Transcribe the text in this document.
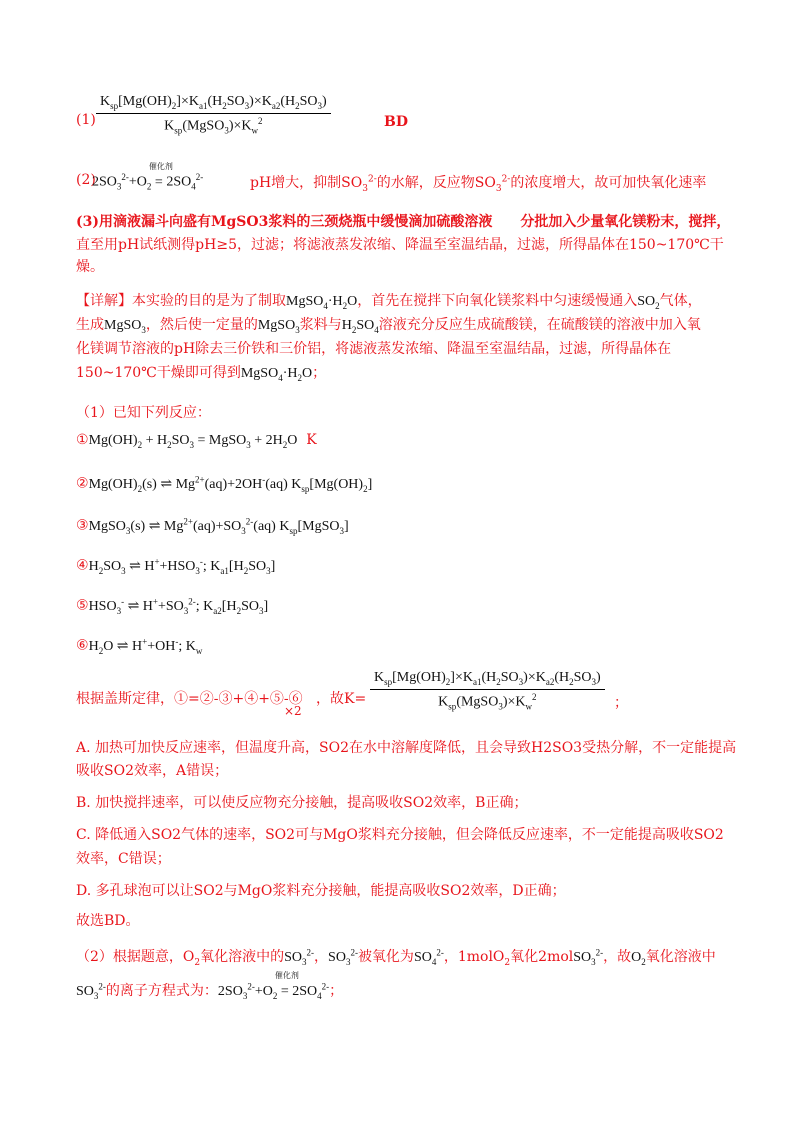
$(1) \frac{K_{sp}[Mg(OH)_2]\times K_{a1}(H_2SO_3)\times K_{a2}(H_2SO_3)}{K_{sp}(MgSO_3)\times K_w^2}$	BD
(2)
$2SO_3^{2-}+O_2$ =
催化剂
$2SO_4^{2-}$	pH增大，抑制$SO_3^{2-}$的水解，反应物$SO_3^{2-}$的浓度增大，故可加快氧化速率
(3)用滴液漏斗向盛有MgSO3浆料的三颈烧瓶中缓慢滴加硫酸溶液　　分批加入少量氧化镁粉末，搅拌，
直至用pH试纸测得pH≥5，过滤；将滤液蒸发浓缩、降温至室温结晶，过滤，所得晶体在150~170℃干
燥。
【详解】本实验的目的是为了制取$MgSO_4\cdot H_2O$，首先在搅拌下向氧化镁浆料中匀速缓慢通入$SO_2$气体，
生成MgSO$_3$，然后使一定量的MgSO$_3$浆料与$H_2SO_4$溶液充分反应生成硫酸镁，在硫酸镁的溶液中加入氧
化镁调节溶液的pH除去三价铁和三价铝，将滤液蒸发浓缩、降温至室温结晶，过滤，所得晶体在
150~170℃干燥即可得到$MgSO_4\cdot H_2O$；
（1）已知下列反应：
$①Mg(OH)_2 + H_2SO_3$ = MgSO$_3$ + $2H_2O$ K
$②Mg(OH)_2(s)$ ⇌ $Mg^{2+}(aq)+2OH^-(aq)$ $K_{sp}[Mg(OH)_2]$
③MgSO$_3$(s) ⇌ $Mg^{2+}(aq)+SO_3^{2-}(aq)$ $K_{sp}[MgSO_3]$
$④H_2SO_3$ ⇌ $H^++HSO_3^-$; $K_{a1}[H_2SO_3]$
$⑤HSO_3^-$ ⇌ $H^++SO_3^{2-}$; $K_{a2}[H_2SO_3]$
$⑥H_2O$ ⇌ H++OH-; $K_w$
根据盖斯定律，①=②-③+④+⑤-⑥
×2
，故$K= \frac{K_{sp}[Mg(OH)_2]\times K_{a1}(H_2SO_3)\times K_{a2}(H_2SO_3)}{K_{sp}(MgSO_3)\times K_w^2}$ ；
A. 加热可加快反应速率，但温度升高，SO2在水中溶解度降低，且会导致H2SO3受热分解，不一定能提高
吸收SO2效率，A错误；
B. 加快搅拌速率，可以使反应物充分接触，提高吸收SO2效率，B正确；
C. 降低通入SO2气体的速率，SO2可与MgO浆料充分接触，但会降低反应速率，不一定能提高吸收SO2
效率，C错误；
D. 多孔球泡可以让SO2与MgO浆料充分接触，能提高吸收SO2效率，D正确；
故选BD。
（2）根据题意，$O_2$氧化溶液中的$SO_3^{2-}$，$SO_3^{2-}$被氧化为$SO_4^{2-}$，1molO$_2$氧化2molSO$_3^{2-}$，故$O_2$氧化溶液中
$SO_3^{2-}$的离子方程式为：$2SO_3^{2-}+O_2$ =
催化剂
$2SO_4^{2-}$；
